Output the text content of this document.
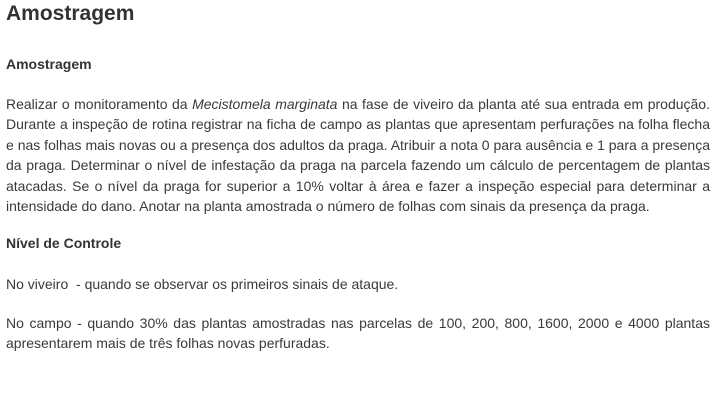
Amostragem
Amostragem

Realizar o monitoramento da Mecistomela marginata na fase de viveiro da planta até sua entrada em produção. Durante a inspeção de rotina registrar na ficha de campo as plantas que apresentam perfurações na folha flecha e nas folhas mais novas ou a presença dos adultos da praga. Atribuir a nota 0 para ausência e 1 para a presença da praga. Determinar o nível de infestação da praga na parcela fazendo um cálculo de percentagem de plantas atacadas. Se o nível da praga for superior a 10% voltar à área e fazer a inspeção especial para determinar a intensidade do dano. Anotar na planta amostrada o número de folhas com sinais da presença da praga.

Nível de Controle

No viveiro  - quando se observar os primeiros sinais de ataque.

No campo - quando 30% das plantas amostradas nas parcelas de 100, 200, 800, 1600, 2000 e 4000 plantas apresentarem mais de três folhas novas perfuradas.
